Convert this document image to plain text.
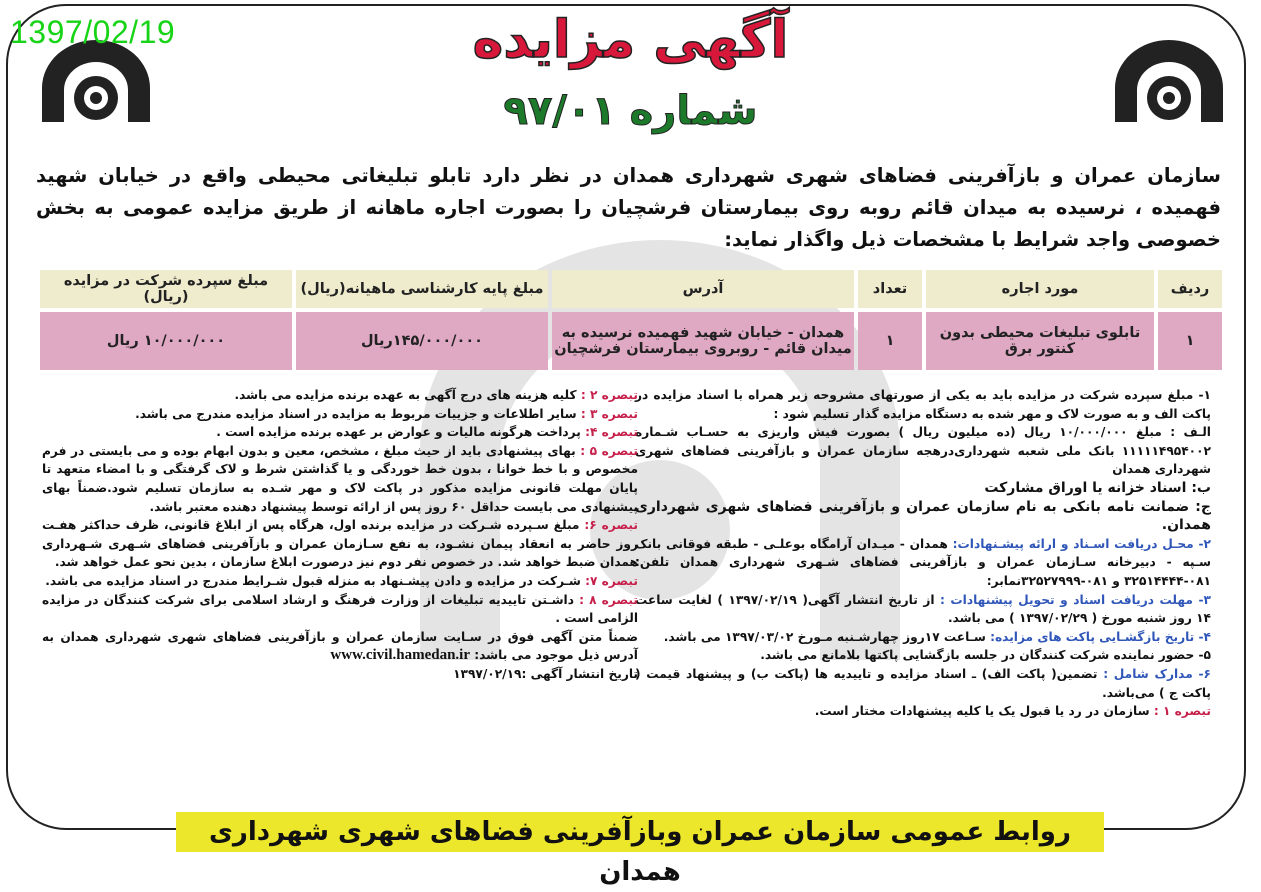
1397/02/19	آگهی مزایده
شماره ۹۷/۰۱

سازمان عمران و بازآفرینی فضاهای شهری شهرداری همدان در نظر دارد تابلو تبلیغاتی محیطی واقع در خیابان شهید فهمیده ، نرسیده به میدان قائم روبه روی بیمارستان فرشچیان را بصورت اجاره ماهانه از طریق مزایده عمومی به بخش خصوصی واجد شرایط با مشخصات ذیل واگذار نماید:

ردیف	مورد اجاره	تعداد	آدرس	مبلغ پایه کارشناسی ماهیانه(ریال)	مبلغ سپرده شرکت در مزایده (ریال)
۱	تابلوی تبلیغات محیطی بدون کنتور برق	۱	همدان - خیابان شهید فهمیده نرسیده به میدان قائم - روبروی بیمارستان فرشچیان	۱۴۵/۰۰۰/۰۰۰ریال	۱۰/۰۰۰/۰۰۰ ریال

۱- مبلغ سپرده شرکت در مزایده باید به یکی از صورتهای مشروحه زیر همراه با اسناد مزایده در پاکت الف و به صورت لاک و مهر شده به دستگاه مزایده گذار تسلیم شود :

الـف : مبلغ ۱۰/۰۰۰/۰۰۰ ریال (ده میلیون ریال ) بصورت فیش واریزی به حسـاب شـماره ۱۱۱۱۱۴۹۵۴۰۰۲ بانک ملی شعبه شهرداری‌درهجه سازمان عمران و بازآفرینی فضاهای شهری شهرداری همدان

ب: اسناد خزانه یا اوراق مشارکت

ج: ضمانت نامه بانکی به نام سازمان عمران و بازآفرینی فضاهای شهری شهرداری همدان.

۲- محـل دریافت اسـناد و ارائه پیشـنهادات: همدان - میـدان آرامگاه بوعلـی - طبقه فوقانی بانک سـپه - دبیرخانه سـازمان عمران و بازآفرینی فضاهای شـهری شهرداری همدان تلفن: ۰۸۱-۳۲۵۱۴۴۴۴ و ۰۸۱-۳۲۵۲۷۹۹۹نمابر:

۳- مهلت دریافت اسناد و تحویل پیشنهادات : از تاریخ انتشار آگهی( ۱۳۹۷/۰۲/۱۹ ) لغایت ساعت ۱۴ روز شنبه مورخ ( ۱۳۹۷/۰۲/۲۹ ) می باشد.

۴- تاریخ بازگشـایی پاکت های مزایده: سـاعت ۱۷روز چهارشـنبه مـورخ ۱۳۹۷/۰۳/۰۲ می باشد.

۵- حضور نماینده شرکت کنندگان در جلسه بازگشایی پاکتها بلامانع می باشد.

۶- مدارک شامل : تضمین( پاکت الف) ـ اسناد مزایده و تاییدیه ها (پاکت ب) و پیشنهاد قیمت ( پاکت ج ) می‌باشد.

تبصره ۱ : سازمان در رد یا قبول یک یا کلیه پیشنهادات مختار است.

تبصره ۲ : کلیه هزینه های درج آگهی به عهده برنده مزایده می باشد.

تبصره ۳ : سایر اطلاعات و جزییات مربوط به مزایده در اسناد مزایده مندرج می باشد.

تبصره ۴: پرداخت هرگونه مالیات و عوارض بر عهده برنده مزایده است .

تبصره ۵ : بهای پیشنهادی باید از حیث مبلغ ، مشخص، معین و بدون ابهام بوده و می بایستی در فرم مخصوص و با خط خوانا ، بدون خط خوردگی و یا گذاشتن شرط و لاک گرفتگی و با امضاء متعهد تا پایان مهلت قانونی مزایده مذکور در پاکت لاک و مهر شـده به سازمان تسلیم شود.ضمناً بهای پیشنهادی می بایست حداقل ۶۰ روز پس از ارائه توسط پیشنهاد دهنده معتبر باشد.

تبصره ۶: مبلغ سـپرده شـرکت در مزایده برنده اول، هرگاه پس از ابلاغ قانونی، ظرف حداکثر هفـت روز حاضر به انعقاد پیمان نشـود، به نفع سـازمان عمران و بازآفرینی فضاهای شـهری شـهرداری همدان ضبط خواهد شد. در خصوص نفر دوم نیز درصورت ابلاغ سازمان ، بدین نحو عمل خواهد شد.

تبصره ۷: شـرکت در مزایده و دادن پیشـنهاد به منزله قبول شـرایط مندرج در اسناد مزایده می باشد.

تبصره ۸ : داشـتن تاییدیه تبلیغات از وزارت فرهنگ و ارشاد اسلامی برای شرکت کنندگان در مزایده الزامی است .

ضمناً متن آگهی فوق در سـایت سازمان عمران و بازآفرینی فضاهای شهری شهرداری همدان به آدرس ذیل موجود می باشد: www.civil.hamedan.ir

تاریخ انتشار آگهی :۱۳۹۷/۰۲/۱۹

روابط عمومی سازمان عمران وبازآفرینی فضاهای شهری شهرداری همدان
